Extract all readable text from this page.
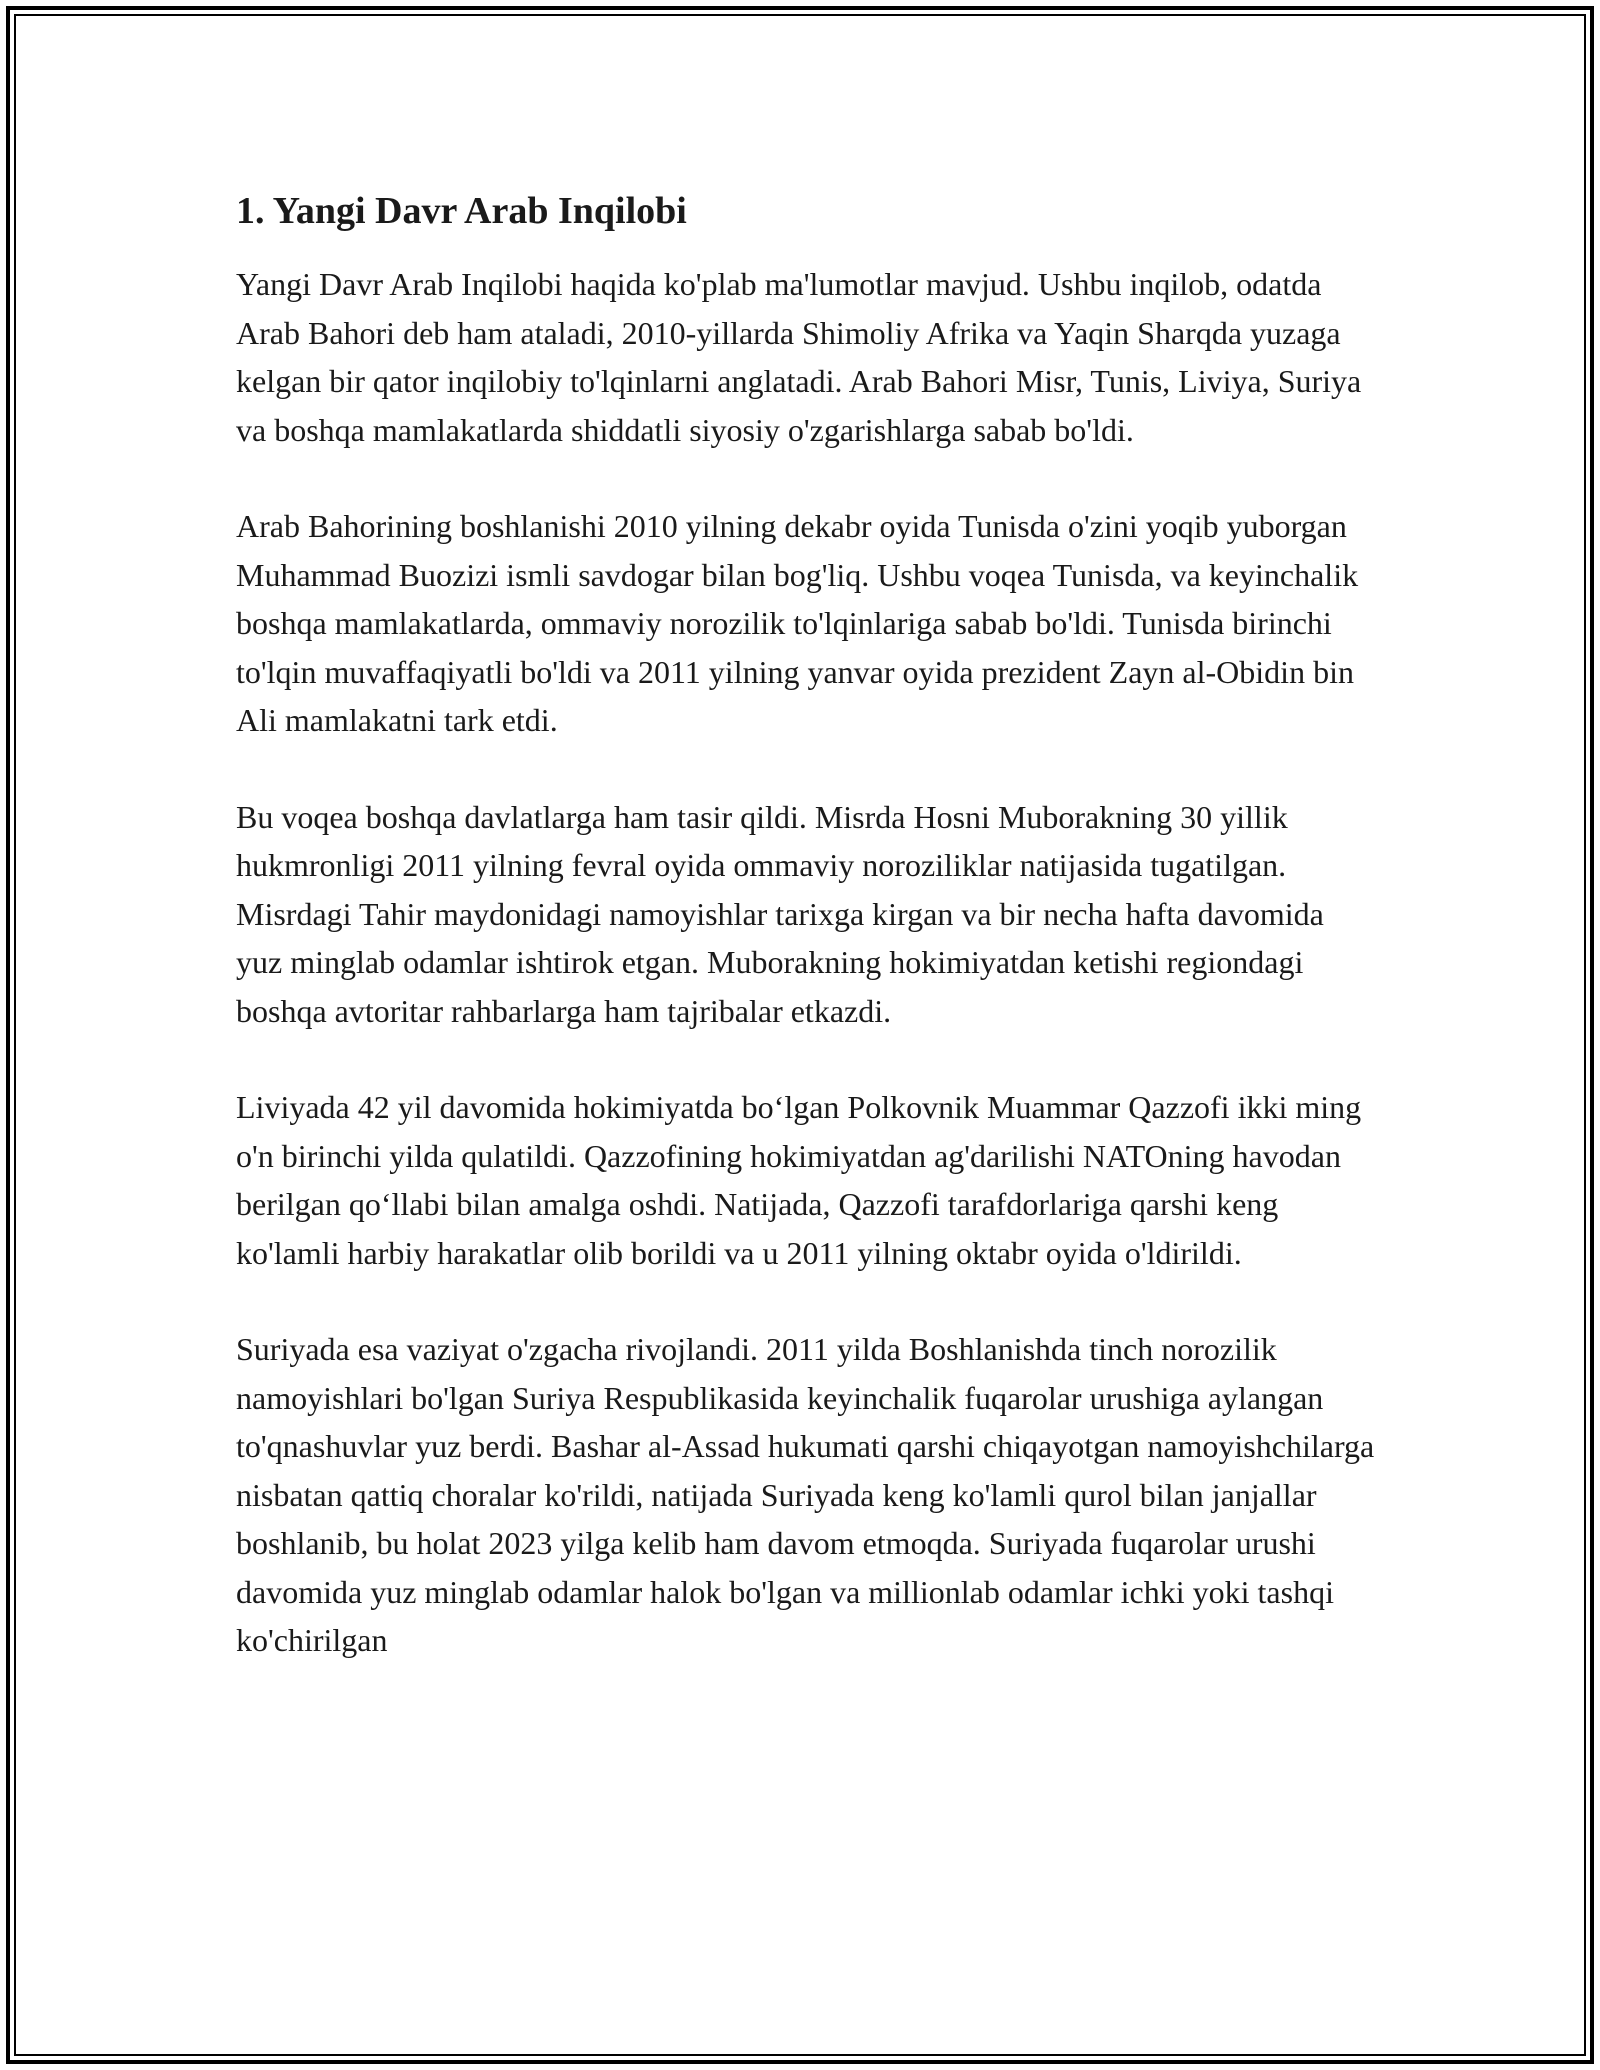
1. Yangi Davr Arab Inqilobi

Yangi Davr Arab Inqilobi haqida ko'plab ma'lumotlar mavjud. Ushbu inqilob, odatda Arab Bahori deb ham ataladi, 2010-yillarda Shimoliy Afrika va Yaqin Sharqda yuzaga kelgan bir qator inqilobiy to'lqinlarni anglatadi. Arab Bahori Misr, Tunis, Liviya, Suriya va boshqa mamlakatlarda shiddatli siyosiy o'zgarishlarga sabab bo'ldi.

Arab Bahorining boshlanishi 2010 yilning dekabr oyida Tunisda o'zini yoqib yuborgan Muhammad Buozizi ismli savdogar bilan bog'liq. Ushbu voqea Tunisda, va keyinchalik boshqa mamlakatlarda, ommaviy norozilik to'lqinlariga sabab bo'ldi. Tunisda birinchi to'lqin muvaffaqiyatli bo'ldi va 2011 yilning yanvar oyida prezident Zayn al-Obidin bin Ali mamlakatni tark etdi.

Bu voqea boshqa davlatlarga ham tasir qildi. Misrda Hosni Muborakning 30 yillik hukmronligi 2011 yilning fevral oyida ommaviy noroziliklar natijasida tugatilgan. Misrdagi Tahir maydonidagi namoyishlar tarixga kirgan va bir necha hafta davomida yuz minglab odamlar ishtirok etgan. Muborakning hokimiyatdan ketishi regiondagi boshqa avtoritar rahbarlarga ham tajribalar etkazdi.

Liviyada 42 yil davomida hokimiyatda bo‘lgan Polkovnik Muammar Qazzofi ikki ming o'n birinchi yilda qulatildi. Qazzofining hokimiyatdan ag'darilishi NATOning havodan berilgan qo‘llabi bilan amalga oshdi. Natijada, Qazzofi tarafdorlariga qarshi keng ko'lamli harbiy harakatlar olib borildi va u 2011 yilning oktabr oyida o'ldirildi.

Suriyada esa vaziyat o'zgacha rivojlandi. 2011 yilda Boshlanishda tinch norozilik namoyishlari bo'lgan Suriya Respublikasida keyinchalik fuqarolar urushiga aylangan to'qnashuvlar yuz berdi. Bashar al-Assad hukumati qarshi chiqayotgan namoyishchilarga nisbatan qattiq choralar ko'rildi, natijada Suriyada keng ko'lamli qurol bilan janjallar boshlanib, bu holat 2023 yilga kelib ham davom etmoqda. Suriyada fuqarolar urushi davomida yuz minglab odamlar halok bo'lgan va millionlab odamlar ichki yoki tashqi ko'chirilgan
